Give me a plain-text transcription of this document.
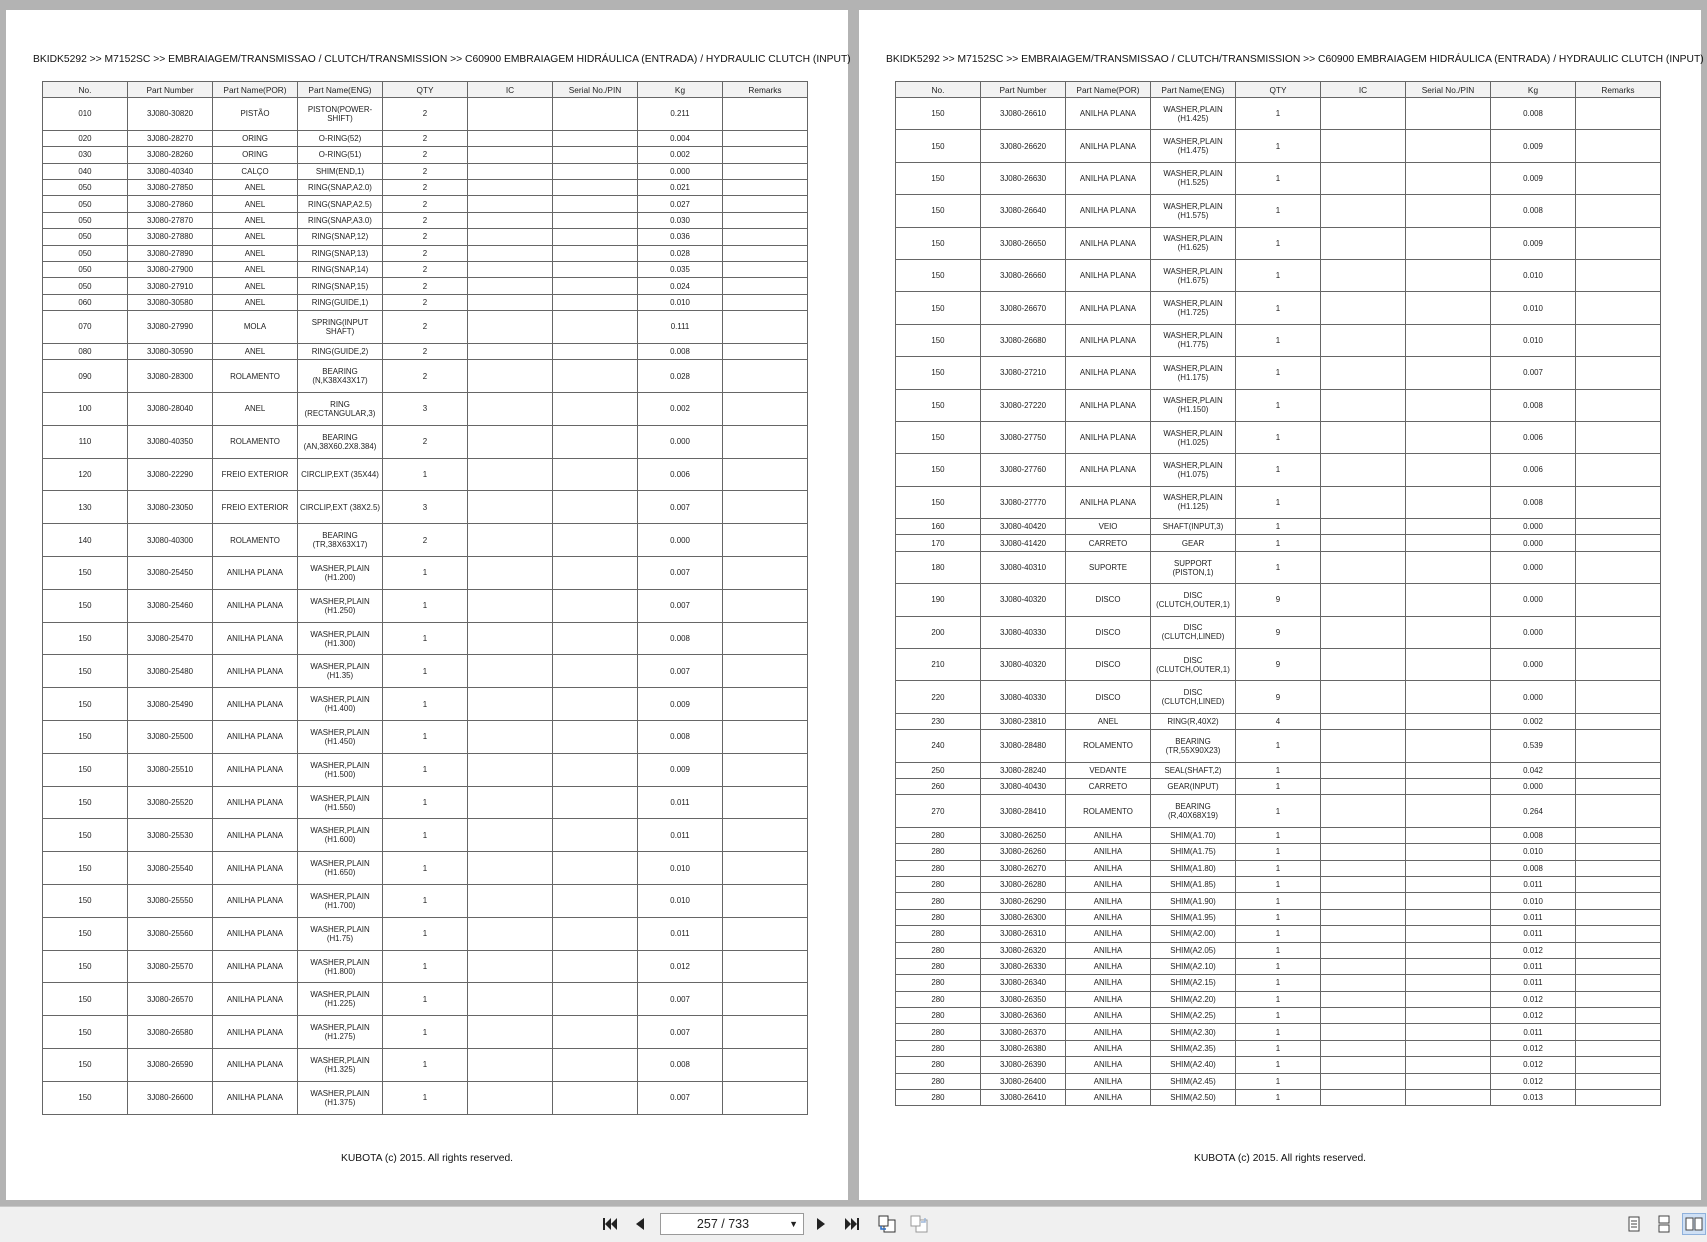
BKIDK5292 >> M7152SC >> EMBRAIAGEM/TRANSMISSAO / CLUTCH/TRANSMISSION >> C60900 EMBRAIAGEM HIDRÁULICA (ENTRADA) / HYDRAULIC CLUTCH (INPUT)
No.	Part Number	Part Name(POR)	Part Name(ENG)	QTY	IC	Serial No./PIN	Kg	Remarks
010	3J080-30820	PISTÃO	PISTON(POWER-SHIFT)	2			0.211	
020	3J080-28270	ORING	O-RING(52)	2			0.004	
030	3J080-28260	ORING	O-RING(51)	2			0.002	
040	3J080-40340	CALÇO	SHIM(END,1)	2			0.000	
050	3J080-27850	ANEL	RING(SNAP,A2.0)	2			0.021	
050	3J080-27860	ANEL	RING(SNAP,A2.5)	2			0.027	
050	3J080-27870	ANEL	RING(SNAP,A3.0)	2			0.030	
050	3J080-27880	ANEL	RING(SNAP,12)	2			0.036	
050	3J080-27890	ANEL	RING(SNAP,13)	2			0.028	
050	3J080-27900	ANEL	RING(SNAP,14)	2			0.035	
050	3J080-27910	ANEL	RING(SNAP,15)	2			0.024	
060	3J080-30580	ANEL	RING(GUIDE,1)	2			0.010	
070	3J080-27990	MOLA	SPRING(INPUT SHAFT)	2			0.111	
080	3J080-30590	ANEL	RING(GUIDE,2)	2			0.008	
090	3J080-28300	ROLAMENTO	BEARING (N,K38X43X17)	2			0.028	
100	3J080-28040	ANEL	RING (RECTANGULAR,3)	3			0.002	
110	3J080-40350	ROLAMENTO	BEARING (AN,38X60.2X8.384)	2			0.000	
120	3J080-22290	FREIO EXTERIOR	CIRCLIP,EXT (35X44)	1			0.006	
130	3J080-23050	FREIO EXTERIOR	CIRCLIP,EXT (38X2.5)	3			0.007	
140	3J080-40300	ROLAMENTO	BEARING (TR,38X63X17)	2			0.000	
150	3J080-25450	ANILHA PLANA	WASHER,PLAIN (H1.200)	1			0.007	
150	3J080-25460	ANILHA PLANA	WASHER,PLAIN (H1.250)	1			0.007	
150	3J080-25470	ANILHA PLANA	WASHER,PLAIN (H1.300)	1			0.008	
150	3J080-25480	ANILHA PLANA	WASHER,PLAIN (H1.35)	1			0.007	
150	3J080-25490	ANILHA PLANA	WASHER,PLAIN (H1.400)	1			0.009	
150	3J080-25500	ANILHA PLANA	WASHER,PLAIN (H1.450)	1			0.008	
150	3J080-25510	ANILHA PLANA	WASHER,PLAIN (H1.500)	1			0.009	
150	3J080-25520	ANILHA PLANA	WASHER,PLAIN (H1.550)	1			0.011	
150	3J080-25530	ANILHA PLANA	WASHER,PLAIN (H1.600)	1			0.011	
150	3J080-25540	ANILHA PLANA	WASHER,PLAIN (H1.650)	1			0.010	
150	3J080-25550	ANILHA PLANA	WASHER,PLAIN (H1.700)	1			0.010	
150	3J080-25560	ANILHA PLANA	WASHER,PLAIN (H1.75)	1			0.011	
150	3J080-25570	ANILHA PLANA	WASHER,PLAIN (H1.800)	1			0.012	
150	3J080-26570	ANILHA PLANA	WASHER,PLAIN (H1.225)	1			0.007	
150	3J080-26580	ANILHA PLANA	WASHER,PLAIN (H1.275)	1			0.007	
150	3J080-26590	ANILHA PLANA	WASHER,PLAIN (H1.325)	1			0.008	
150	3J080-26600	ANILHA PLANA	WASHER,PLAIN (H1.375)	1			0.007	
KUBOTA (c) 2015. All rights reserved.
BKIDK5292 >> M7152SC >> EMBRAIAGEM/TRANSMISSAO / CLUTCH/TRANSMISSION >> C60900 EMBRAIAGEM HIDRÁULICA (ENTRADA) / HYDRAULIC CLUTCH (INPUT)
No.	Part Number	Part Name(POR)	Part Name(ENG)	QTY	IC	Serial No./PIN	Kg	Remarks
150	3J080-26610	ANILHA PLANA	WASHER,PLAIN (H1.425)	1			0.008	
150	3J080-26620	ANILHA PLANA	WASHER,PLAIN (H1.475)	1			0.009	
150	3J080-26630	ANILHA PLANA	WASHER,PLAIN (H1.525)	1			0.009	
150	3J080-26640	ANILHA PLANA	WASHER,PLAIN (H1.575)	1			0.008	
150	3J080-26650	ANILHA PLANA	WASHER,PLAIN (H1.625)	1			0.009	
150	3J080-26660	ANILHA PLANA	WASHER,PLAIN (H1.675)	1			0.010	
150	3J080-26670	ANILHA PLANA	WASHER,PLAIN (H1.725)	1			0.010	
150	3J080-26680	ANILHA PLANA	WASHER,PLAIN (H1.775)	1			0.010	
150	3J080-27210	ANILHA PLANA	WASHER,PLAIN (H1.175)	1			0.007	
150	3J080-27220	ANILHA PLANA	WASHER,PLAIN (H1.150)	1			0.008	
150	3J080-27750	ANILHA PLANA	WASHER,PLAIN (H1.025)	1			0.006	
150	3J080-27760	ANILHA PLANA	WASHER,PLAIN (H1.075)	1			0.006	
150	3J080-27770	ANILHA PLANA	WASHER,PLAIN (H1.125)	1			0.008	
160	3J080-40420	VEIO	SHAFT(INPUT,3)	1			0.000	
170	3J080-41420	CARRETO	GEAR	1			0.000	
180	3J080-40310	SUPORTE	SUPPORT (PISTON,1)	1			0.000	
190	3J080-40320	DISCO	DISC (CLUTCH,OUTER,1)	9			0.000	
200	3J080-40330	DISCO	DISC (CLUTCH,LINED)	9			0.000	
210	3J080-40320	DISCO	DISC (CLUTCH,OUTER,1)	9			0.000	
220	3J080-40330	DISCO	DISC (CLUTCH,LINED)	9			0.000	
230	3J080-23810	ANEL	RING(R,40X2)	4			0.002	
240	3J080-28480	ROLAMENTO	BEARING (TR,55X90X23)	1			0.539	
250	3J080-28240	VEDANTE	SEAL(SHAFT,2)	1			0.042	
260	3J080-40430	CARRETO	GEAR(INPUT)	1			0.000	
270	3J080-28410	ROLAMENTO	BEARING (R,40X68X19)	1			0.264	
280	3J080-26250	ANILHA	SHIM(A1.70)	1			0.008	
280	3J080-26260	ANILHA	SHIM(A1.75)	1			0.010	
280	3J080-26270	ANILHA	SHIM(A1.80)	1			0.008	
280	3J080-26280	ANILHA	SHIM(A1.85)	1			0.011	
280	3J080-26290	ANILHA	SHIM(A1.90)	1			0.010	
280	3J080-26300	ANILHA	SHIM(A1.95)	1			0.011	
280	3J080-26310	ANILHA	SHIM(A2.00)	1			0.011	
280	3J080-26320	ANILHA	SHIM(A2.05)	1			0.012	
280	3J080-26330	ANILHA	SHIM(A2.10)	1			0.011	
280	3J080-26340	ANILHA	SHIM(A2.15)	1			0.011	
280	3J080-26350	ANILHA	SHIM(A2.20)	1			0.012	
280	3J080-26360	ANILHA	SHIM(A2.25)	1			0.012	
280	3J080-26370	ANILHA	SHIM(A2.30)	1			0.011	
280	3J080-26380	ANILHA	SHIM(A2.35)	1			0.012	
280	3J080-26390	ANILHA	SHIM(A2.40)	1			0.012	
280	3J080-26400	ANILHA	SHIM(A2.45)	1			0.012	
280	3J080-26410	ANILHA	SHIM(A2.50)	1			0.013	
KUBOTA (c) 2015. All rights reserved.
257 / 733	▼
